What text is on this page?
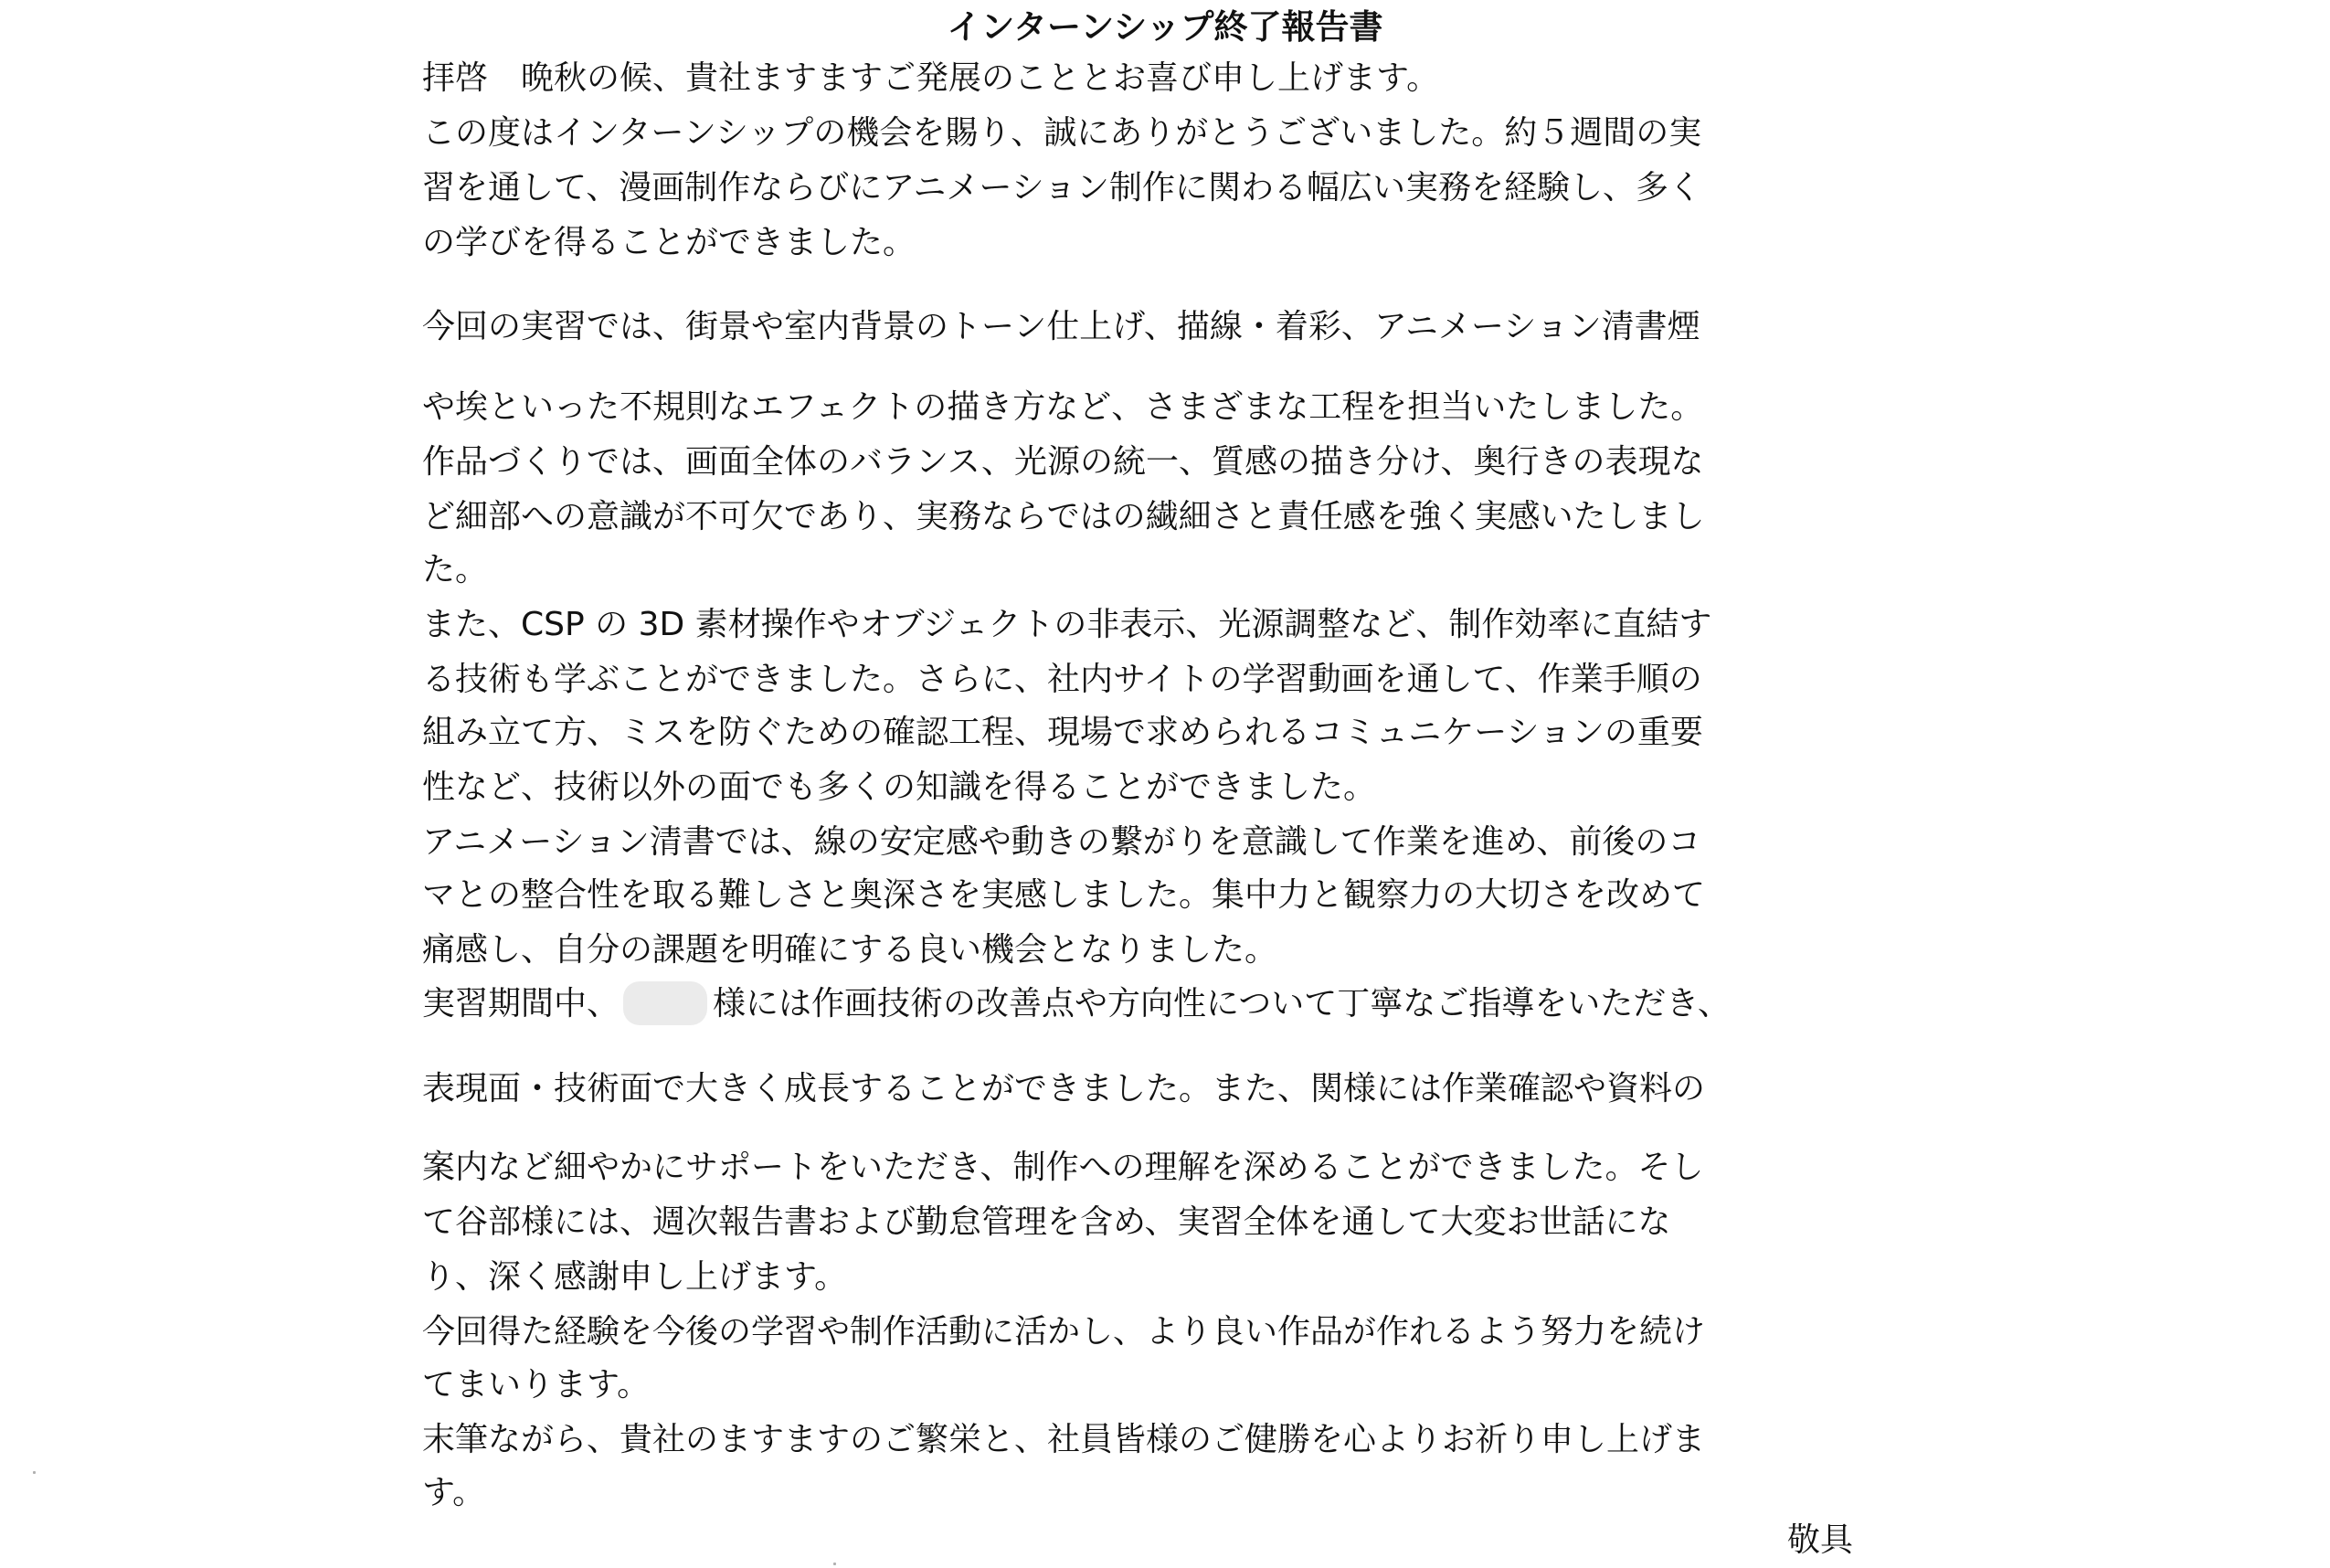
インターンシップ終了報告書
拝啓　晩秋の候、貴社ますますご発展のこととお喜び申し上げます。
この度はインターンシップの機会を賜り、誠にありがとうございました。約５週間の実
習を通して、漫画制作ならびにアニメーション制作に関わる幅広い実務を経験し、多く
の学びを得ることができました。
今回の実習では、街景や室内背景のトーン仕上げ、描線・着彩、アニメーション清書煙
や埃といった不規則なエフェクトの描き方など、さまざまな工程を担当いたしました。
作品づくりでは、画面全体のバランス、光源の統一、質感の描き分け、奥行きの表現な
ど細部への意識が不可欠であり、実務ならではの繊細さと責任感を強く実感いたしまし
た。
また、CSP の 3D 素材操作やオブジェクトの非表示、光源調整など、制作効率に直結す
る技術も学ぶことができました。さらに、社内サイトの学習動画を通して、作業手順の
組み立て方、ミスを防ぐための確認工程、現場で求められるコミュニケーションの重要
性など、技術以外の面でも多くの知識を得ることができました。
アニメーション清書では、線の安定感や動きの繋がりを意識して作業を進め、前後のコ
マとの整合性を取る難しさと奥深さを実感しました。集中力と観察力の大切さを改めて
痛感し、自分の課題を明確にする良い機会となりました。
実習期間中、	様には作画技術の改善点や方向性について丁寧なご指導をいただき、
表現面・技術面で大きく成長することができました。また、関様には作業確認や資料の
案内など細やかにサポートをいただき、制作への理解を深めることができました。そし
て谷部様には、週次報告書および勤怠管理を含め、実習全体を通して大変お世話にな
り、深く感謝申し上げます。
今回得た経験を今後の学習や制作活動に活かし、より良い作品が作れるよう努力を続け
てまいります。
末筆ながら、貴社のますますのご繁栄と、社員皆様のご健勝を心よりお祈り申し上げま
す。
敬具
